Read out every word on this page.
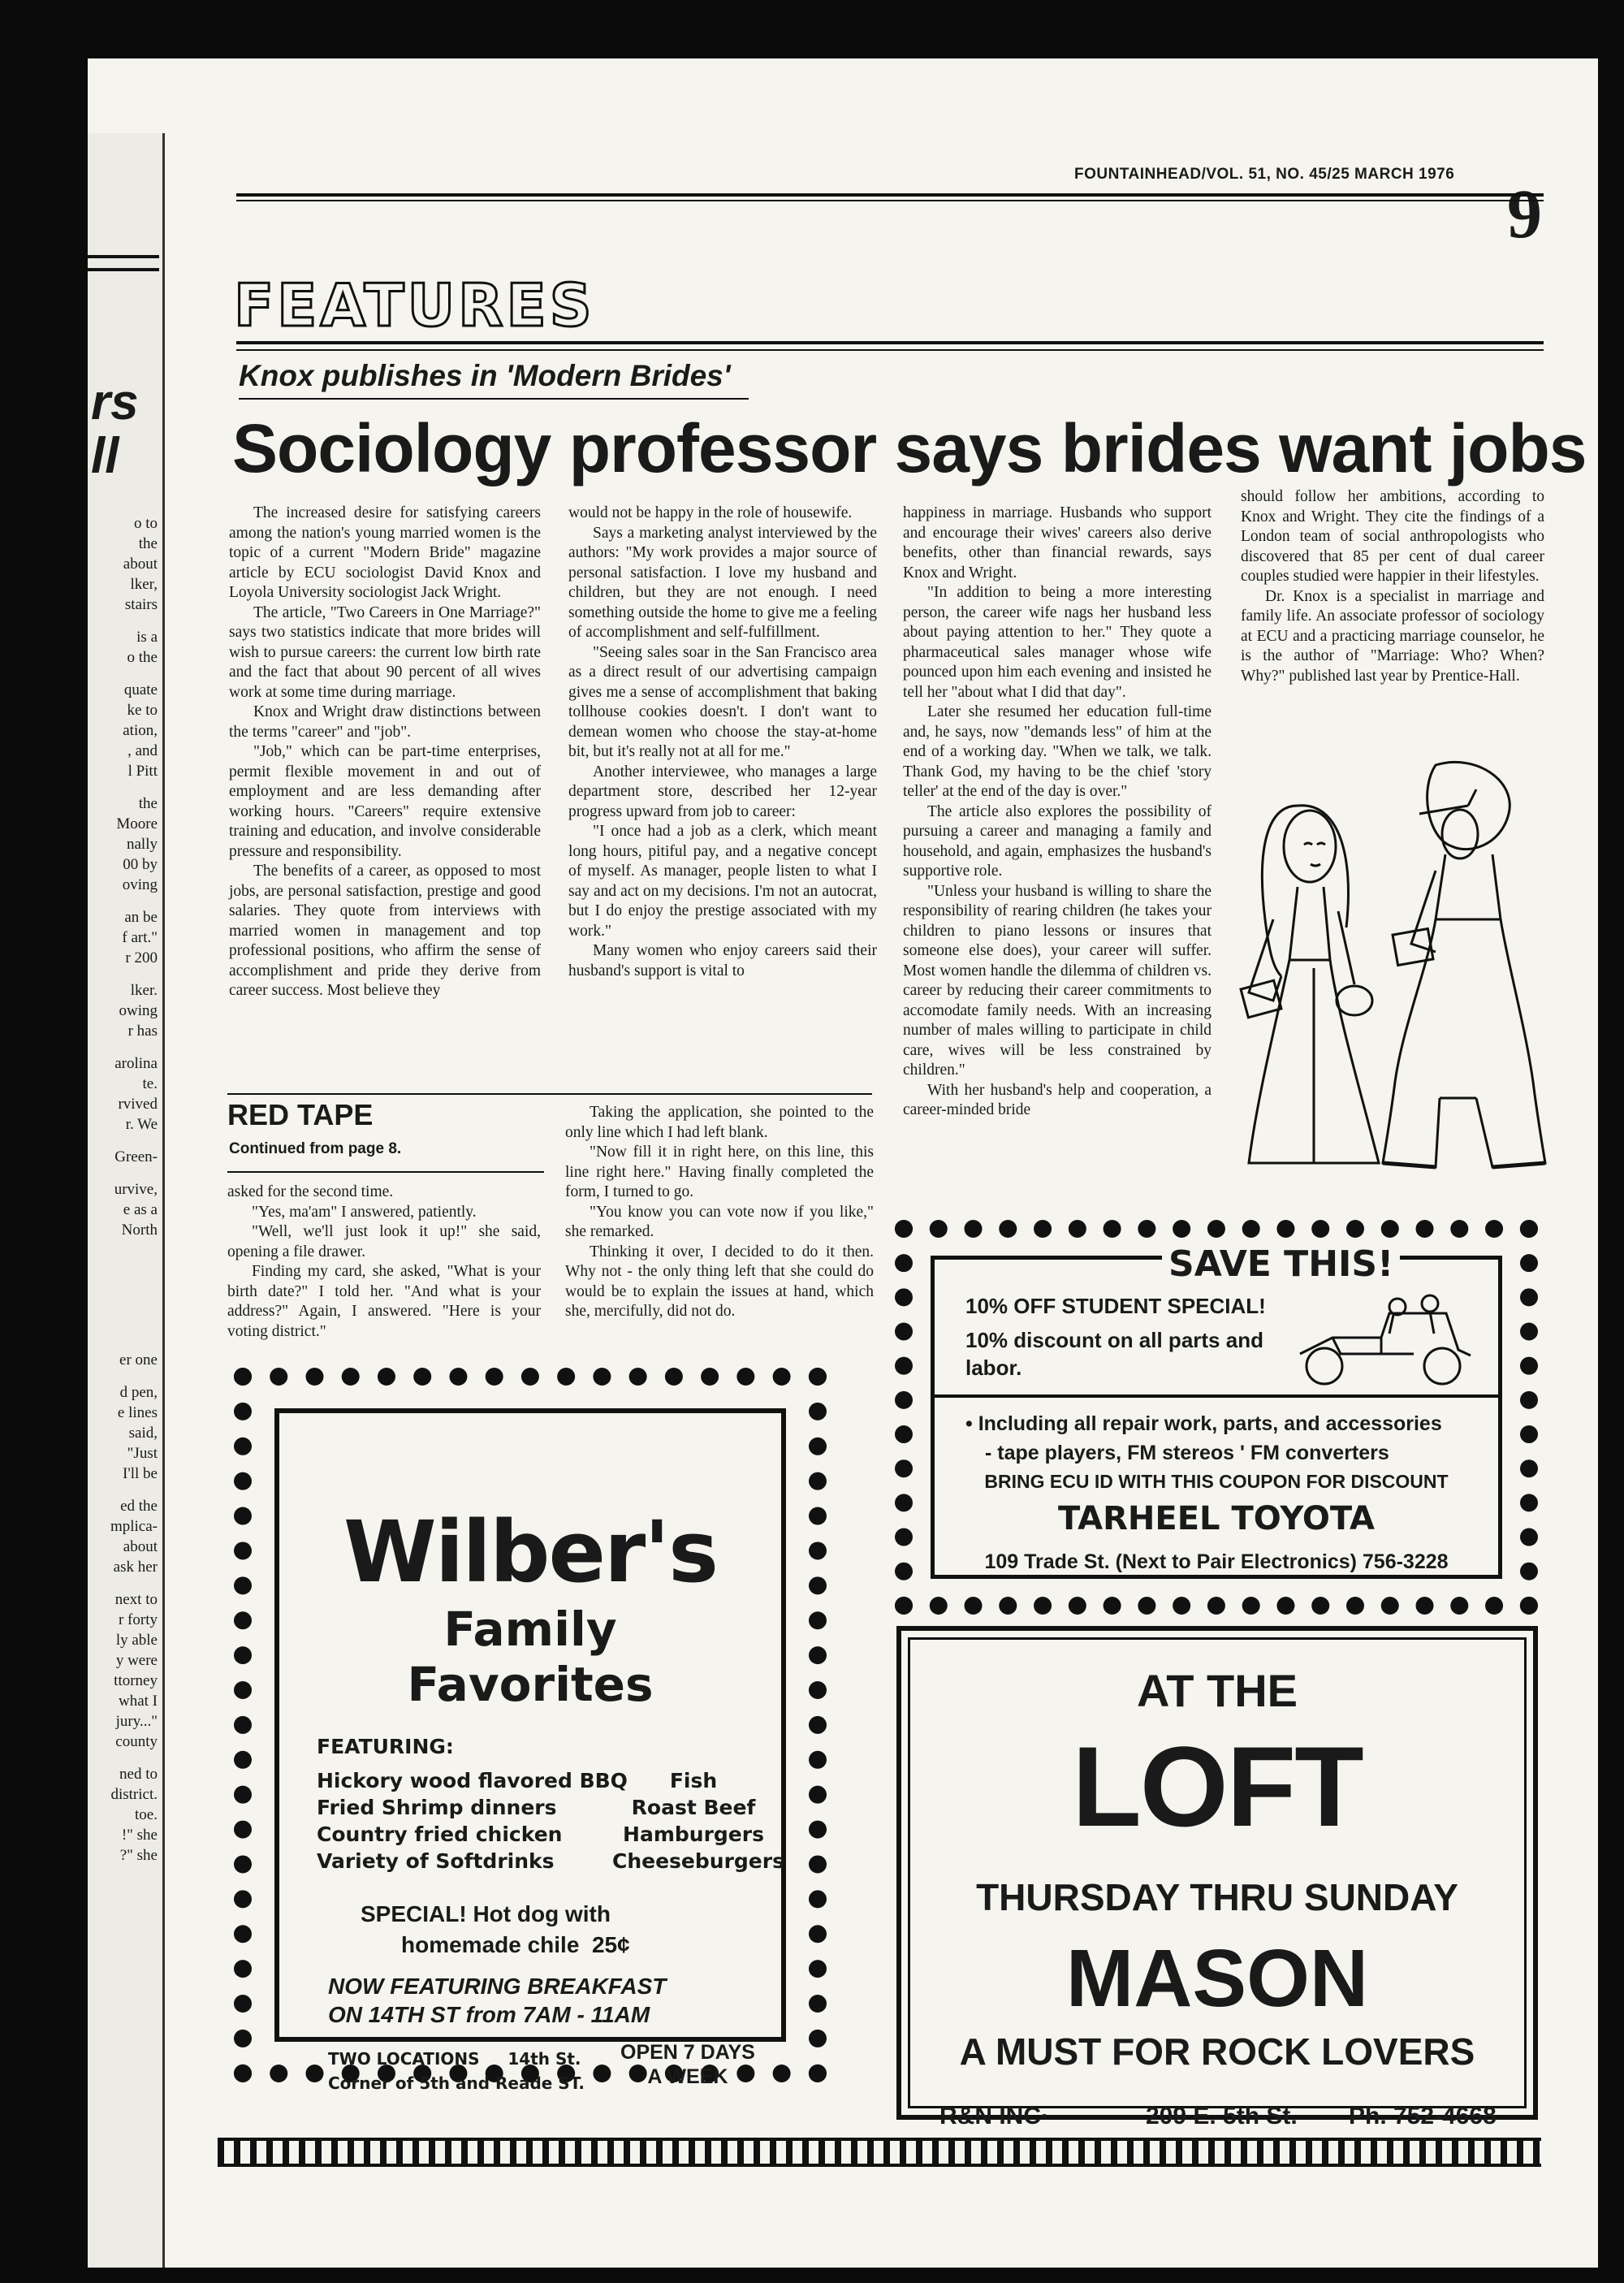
rs
ll
o to
the
about
lker,
stairs
is a
o the
quate
ke to
ation,
, and
l Pitt
the
Moore
nally
00 by
oving
an be
f art."
r 200
lker.
owing
r has
arolina
te.
rvived
r. We
Green-
urvive,
e as a
North
er one
d pen,
e lines
said,
"Just
I'll be
ed the
mplica-
about
ask her
next to
r forty
ly able
y were
ttorney
what I
jury..."
county
ned to
district.
toe.
!" she
?" she
FOUNTAINHEAD/VOL. 51, NO. 45/25 MARCH 1976
9
FEATURES
Knox publishes in 'Modern Brides'
Sociology professor says brides want jobs

The increased desire for satisfying careers among the nation's young married women is the topic of a current "Modern Bride" magazine article by ECU sociologist David Knox and Loyola University sociologist Jack Wright.

The article, "Two Careers in One Marriage?" says two statistics indicate that more brides will wish to pursue careers: the current low birth rate and the fact that about 90 percent of all wives work at some time during marriage.

Knox and Wright draw distinctions between the terms "career" and "job".

"Job," which can be part-time enterprises, permit flexible movement in and out of employment and are less demanding after working hours. "Careers" require extensive training and education, and involve considerable pressure and responsibility.

The benefits of a career, as opposed to most jobs, are personal satisfaction, prestige and good salaries. They quote from interviews with married women in management and top professional positions, who affirm the sense of accomplishment and pride they derive from career success. Most believe they

would not be happy in the role of housewife.

Says a marketing analyst interviewed by the authors: "My work provides a major source of personal satisfaction. I love my husband and children, but they are not enough. I need something outside the home to give me a feeling of accomplishment and self-fulfillment.

"Seeing sales soar in the San Francisco area as a direct result of our advertising campaign gives me a sense of accomplishment that baking tollhouse cookies doesn't. I don't want to demean women who choose the stay-at-home bit, but it's really not at all for me."

Another interviewee, who manages a large department store, described her 12-year progress upward from job to career:

"I once had a job as a clerk, which meant long hours, pitiful pay, and a negative concept of myself. As manager, people listen to what I say and act on my decisions. I'm not an autocrat, but I do enjoy the prestige associated with my work."

Many women who enjoy careers said their husband's support is vital to

happiness in marriage. Husbands who support and encourage their wives' careers also derive benefits, other than financial rewards, says Knox and Wright.

"In addition to being a more interesting person, the career wife nags her husband less about paying attention to her." They quote a pharmaceutical sales manager whose wife pounced upon him each evening and insisted he tell her "about what I did that day".

Later she resumed her education full-time and, he says, now "demands less" of him at the end of a working day. "When we talk, we talk. Thank God, my having to be the chief 'story teller' at the end of the day is over."

The article also explores the possibility of pursuing a career and managing a family and household, and again, emphasizes the husband's supportive role.

"Unless your husband is willing to share the responsibility of rearing children (he takes your children to piano lessons or insures that someone else does), your career will suffer. Most women handle the dilemma of children vs. career by reducing their career commitments to accomodate family needs. With an increasing number of males willing to participate in child care, wives will be less constrained by children."

With her husband's help and cooperation, a career-minded bride

should follow her ambitions, according to Knox and Wright. They cite the findings of a London team of social anthropologists who discovered that 85 per cent of dual career couples studied were happier in their lifestyles.

Dr. Knox is a specialist in marriage and family life. An associate professor of sociology at ECU and a practicing marriage counselor, he is the author of "Marriage: Who? When? Why?" published last year by Prentice-Hall.

RED TAPE
Continued from page 8.

asked for the second time.

"Yes, ma'am" I answered, patiently.

"Well, we'll just look it up!" she said, opening a file drawer.

Finding my card, she asked, "What is your birth date?" I told her. "And what is your address?" Again, I answered. "Here is your voting district."

Taking the application, she pointed to the only line which I had left blank.

"Now fill it in right here, on this line, this line right here." Having finally completed the form, I turned to go.

"You know you can vote now if you like," she remarked.

Thinking it over, I decided to do it then. Why not - the only thing left that she could do would be to explain the issues at hand, which she, mercifully, did not do.

Wilber's
Family
Favorites
FEATURING:
Hickory wood flavored BBQ
Fried Shrimp dinners
Country fried chicken
Variety of Softdrinks
Fish
Roast Beef
Hamburgers
Cheeseburgers
SPECIAL! Hot dog with
homemade chile 25¢
NOW FEATURING BREAKFAST
ON 14TH ST from 7AM - 11AM
TWO LOCATIONS 14th St.
Corner of 5th and Reade ST.
OPEN 7 DAYS
A WEEK
SAVE THIS!
10% OFF STUDENT SPECIAL!
10% discount on all parts and labor.
• Including all repair work, parts, and accessories
- tape players, FM stereos ' FM converters
BRING ECU ID WITH THIS COUPON FOR DISCOUNT
TARHEEL TOYOTA
109 Trade St. (Next to Pair Electronics) 756-3228
AT THE
LOFT
THURSDAY THRU SUNDAY
MASON
A MUST FOR ROCK LOVERS
R&N INC·	209 E. 5th St. Ph. 752-4668
